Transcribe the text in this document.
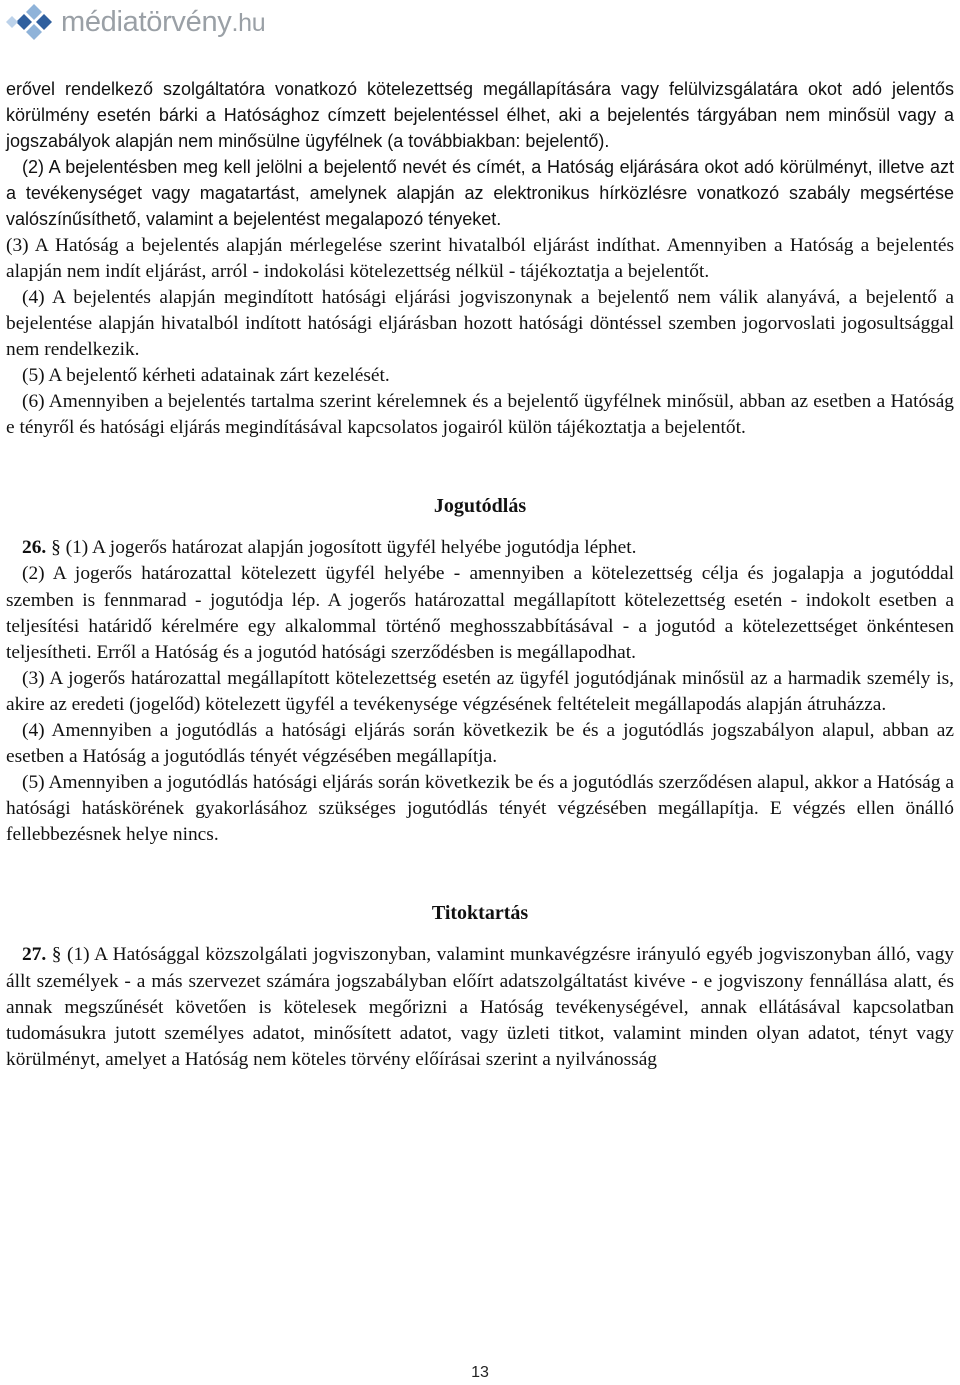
médiatörvény.hu

erővel rendelkező szolgáltatóra vonatkozó kötelezettség megállapítására vagy felülvizsgálatára okot adó jelentős körülmény esetén bárki a Hatósághoz címzett bejelentéssel élhet, aki a bejelentés tárgyában nem minősül vagy a jogszabályok alapján nem minősülne ügyfélnek (a továbbiakban: bejelentő).

(2) A bejelentésben meg kell jelölni a bejelentő nevét és címét, a Hatóság eljárására okot adó körülményt, illetve azt a tevékenységet vagy magatartást, amelynek alapján az elektronikus hírközlésre vonatkozó szabály megsértése valószínűsíthető, valamint a bejelentést megalapozó tényeket.

(3) A Hatóság a bejelentés alapján mérlegelése szerint hivatalból eljárást indíthat. Amennyiben a Hatóság a bejelentés alapján nem indít eljárást, arról - indokolási kötelezettség nélkül - tájékoztatja a bejelentőt.

(4) A bejelentés alapján megindított hatósági eljárási jogviszonynak a bejelentő nem válik alanyává, a bejelentő a bejelentése alapján hivatalból indított hatósági eljárásban hozott hatósági döntéssel szemben jogorvoslati jogosultsággal nem rendelkezik.

(5) A bejelentő kérheti adatainak zárt kezelését.

(6) Amennyiben a bejelentés tartalma szerint kérelemnek és a bejelentő ügyfélnek minősül, abban az esetben a Hatóság e tényről és hatósági eljárás megindításával kapcsolatos jogairól külön tájékoztatja a bejelentőt.

Jogutódlás

26. § (1) A jogerős határozat alapján jogosított ügyfél helyébe jogutódja léphet.

(2) A jogerős határozattal kötelezett ügyfél helyébe - amennyiben a kötelezettség célja és jogalapja a jogutóddal szemben is fennmarad - jogutódja lép. A jogerős határozattal megállapított kötelezettség esetén - indokolt esetben a teljesítési határidő kérelmére egy alkalommal történő meghosszabbításával - a jogutód a kötelezettséget önkéntesen teljesítheti. Erről a Hatóság és a jogutód hatósági szerződésben is megállapodhat.

(3) A jogerős határozattal megállapított kötelezettség esetén az ügyfél jogutódjának minősül az a harmadik személy is, akire az eredeti (jogelőd) kötelezett ügyfél a tevékenysége végzésének feltételeit megállapodás alapján átruházza.

(4) Amennyiben a jogutódlás a hatósági eljárás során következik be és a jogutódlás jogszabályon alapul, abban az esetben a Hatóság a jogutódlás tényét végzésében megállapítja.

(5) Amennyiben a jogutódlás hatósági eljárás során következik be és a jogutódlás szerződésen alapul, akkor a Hatóság a hatósági hatáskörének gyakorlásához szükséges jogutódlás tényét végzésében megállapítja. E végzés ellen önálló fellebbezésnek helye nincs.

Titoktartás

27. § (1) A Hatósággal közszolgálati jogviszonyban, valamint munkavégzésre irányuló egyéb jogviszonyban álló, vagy állt személyek - a más szervezet számára jogszabályban előírt adatszolgáltatást kivéve - e jogviszony fennállása alatt, és annak megszűnését követően is kötelesek megőrizni a Hatóság tevékenységével, annak ellátásával kapcsolatban tudomásukra jutott személyes adatot, minősített adatot, vagy üzleti titkot, valamint minden olyan adatot, tényt vagy körülményt, amelyet a Hatóság nem köteles törvény előírásai szerint a nyilvánosság

13
